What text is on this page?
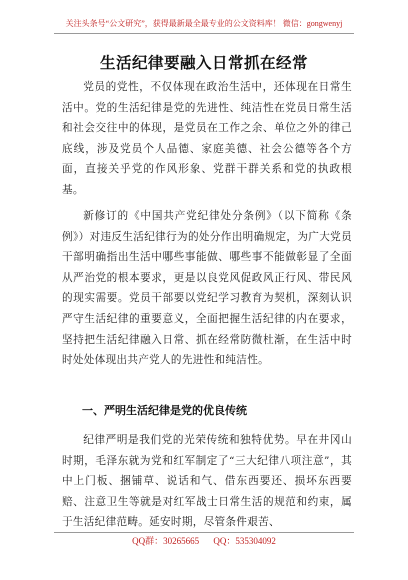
关注头条号“公文研究”，获得最新最全最专业的公文资料库！ 微信：gongwenyj
生活纪律要融入日常抓在经常

党员的党性，不仅体现在政治生活中，还体现在日常生活中。党的生活纪律是党的先进性、纯洁性在党员日常生活和社会交往中的体现，是党员在工作之余、单位之外的律己底线，涉及党员个人品德、家庭美德、社会公德等各个方面，直接关乎党的作风形象、党群干群关系和党的执政根基。

新修订的《中国共产党纪律处分条例》（以下简称《条例》）对违反生活纪律行为的处分作出明确规定，为广大党员干部明确指出生活中哪些事能做、哪些事不能做彰显了全面从严治党的根本要求，更是以良党风促政风正行风、带民风的现实需要。党员干部要以党纪学习教育为契机，深刻认识严守生活纪律的重要意义，全面把握生活纪律的内在要求，坚持把生活纪律融入日常、抓在经常防微杜渐，在生活中时时处处体现出共产党人的先进性和纯洁性。

一、严明生活纪律是党的优良传统

纪律严明是我们党的光荣传统和独特优势。早在井冈山时期，毛泽东就为党和红军制定了“三大纪律八项注意”，其中上门板、捆铺草、说话和气、借东西要还、损坏东西要赔、注意卫生等就是对红军战士日常生活的规范和约束，属于生活纪律范畴。延安时期，尽管条件艰苦、

QQ群：30265665 QQ：535304092
